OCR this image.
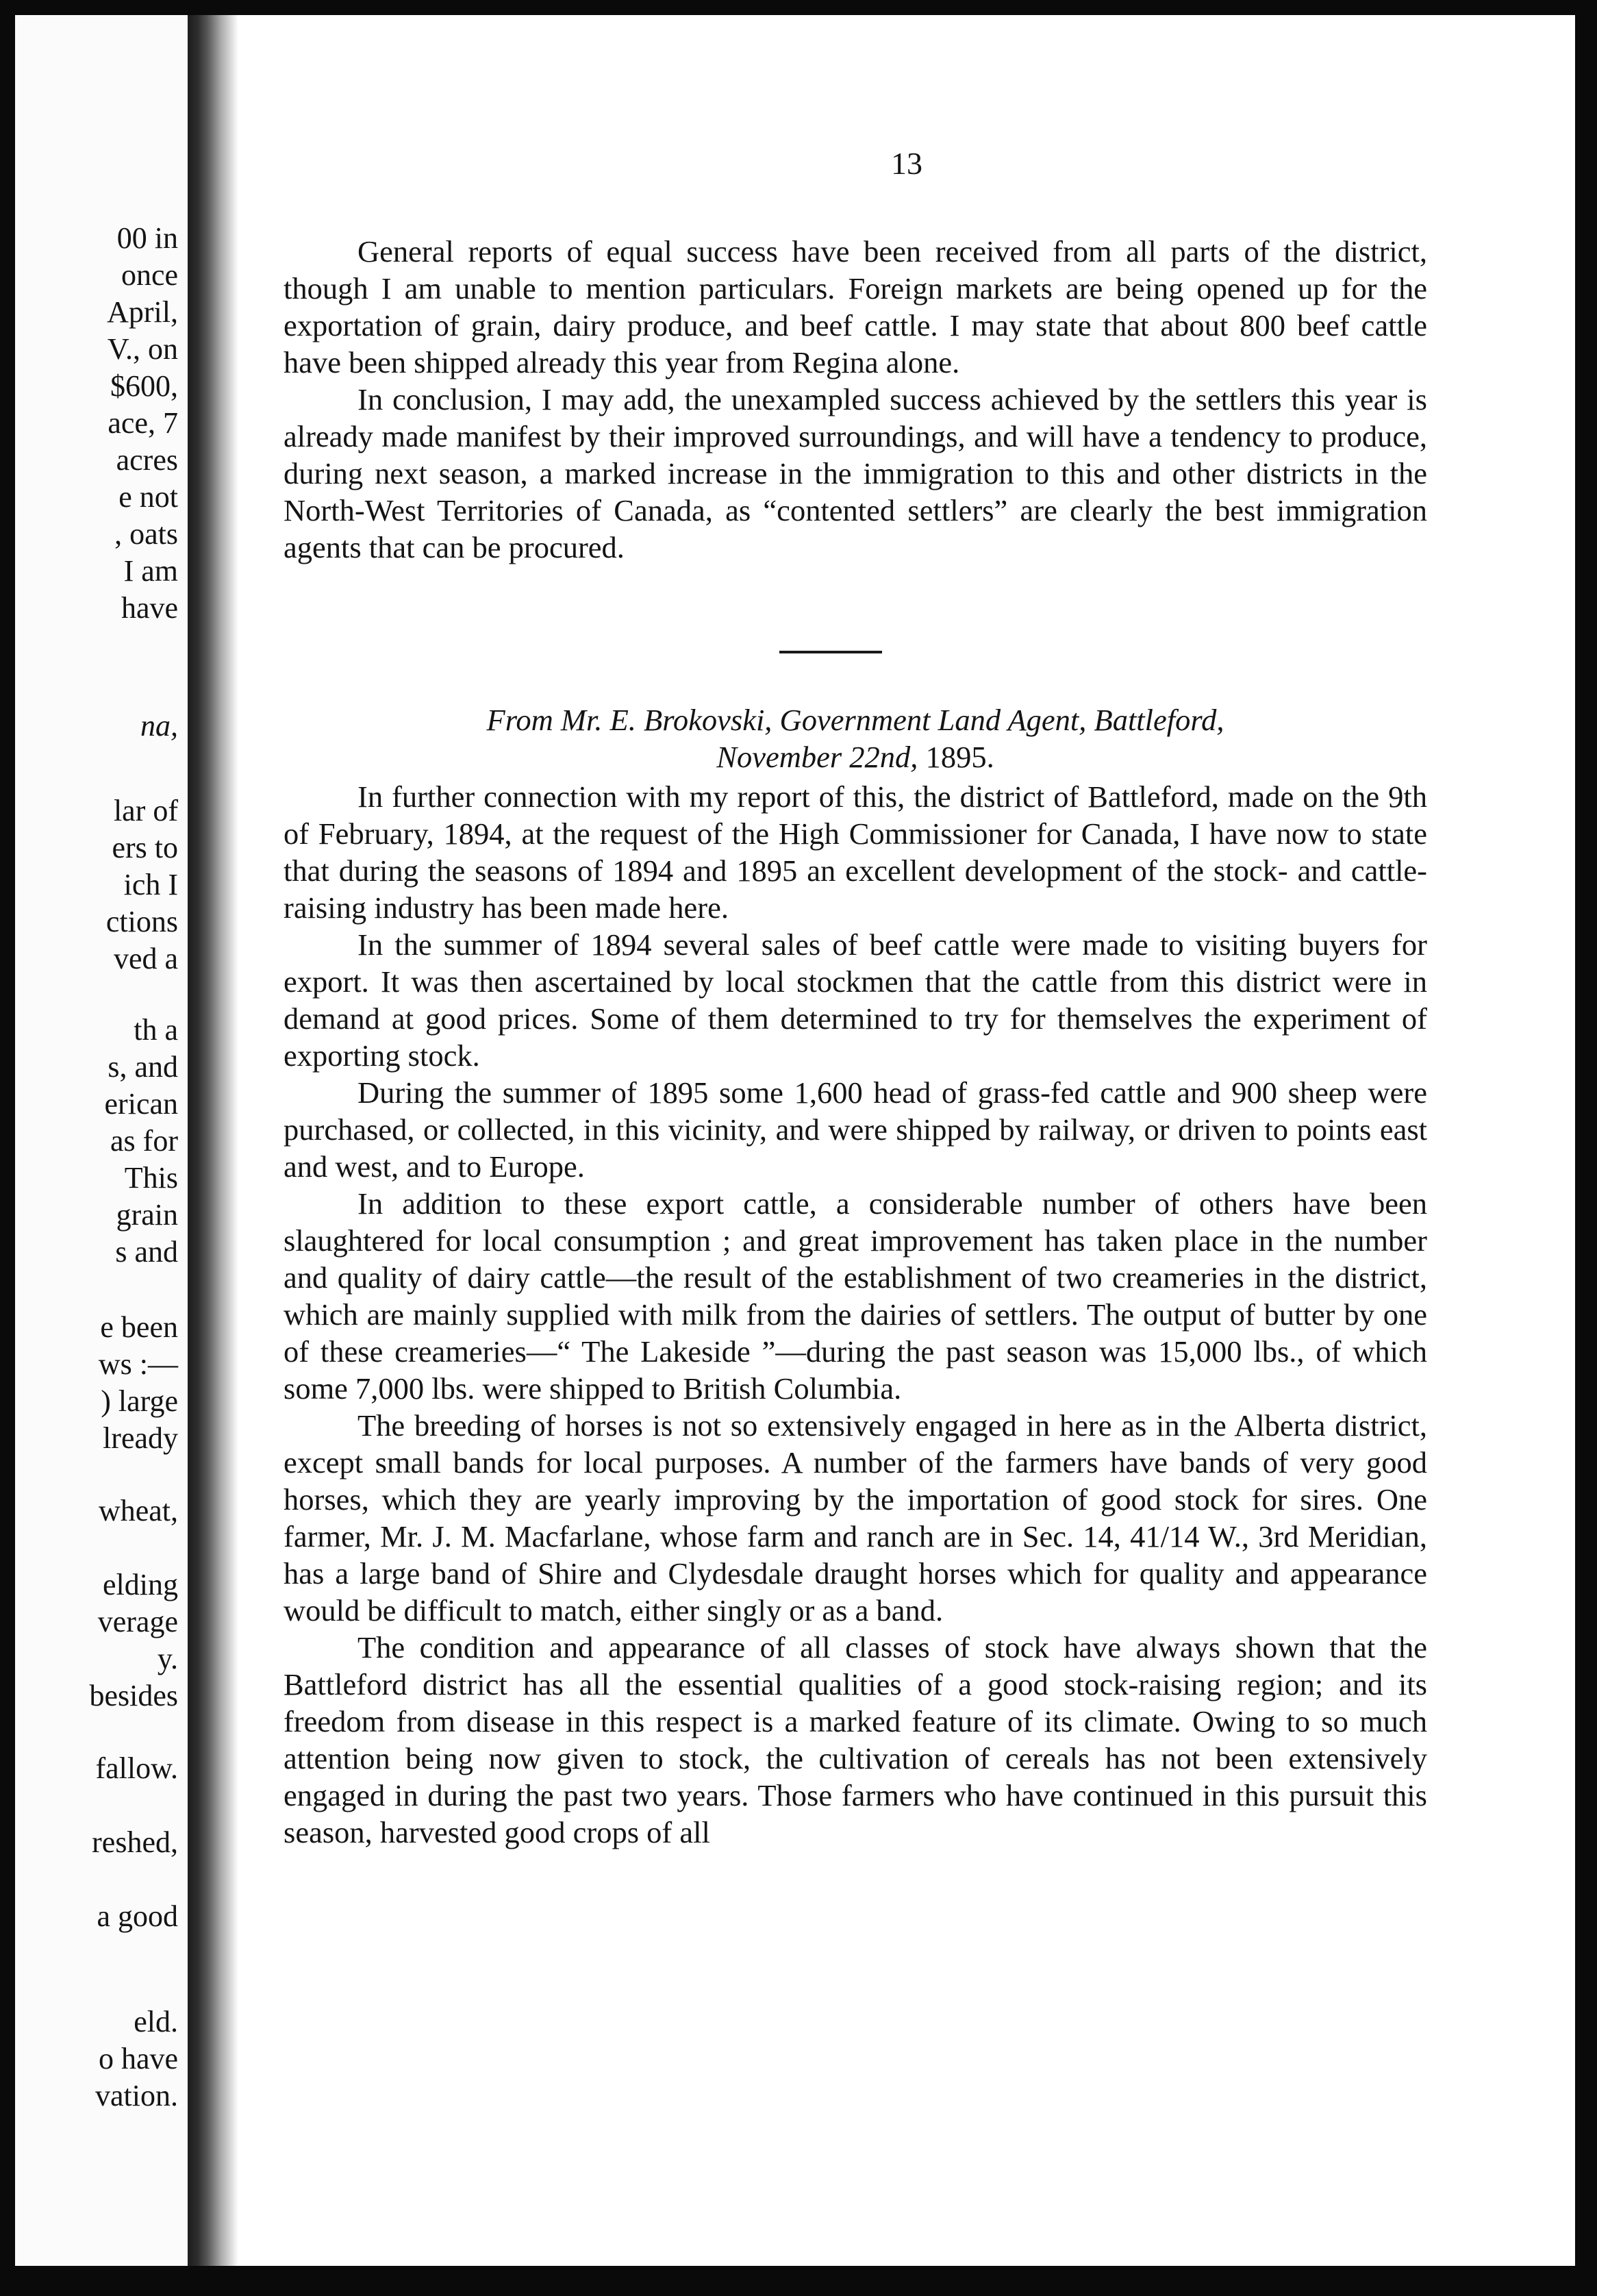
00 in
once
April,
V., on
$600,
ace, 7
acres
e not
, oats
I am
have
na,
lar of
ers to
ich I
ctions
ved a
th a
s, and
erican
as for
This
grain
s and
e been
ws :—
) large
lready
wheat,
elding
verage
y.
besides
fallow.
reshed,
a good
eld.
o have
vation.
13

General reports of equal success have been received from all parts of the district, though I am unable to mention particulars. Foreign markets are being opened up for the exportation of grain, dairy produce, and beef cattle. I may state that about 800 beef cattle have been shipped already this year from Regina alone.

In conclusion, I may add, the unexampled success achieved by the settlers this year is already made manifest by their improved surroundings, and will have a tendency to produce, during next season, a marked increase in the immigration to this and other districts in the North-West Territories of Canada, as “contented settlers” are clearly the best immigration agents that can be procured.

From Mr. E. Brokovski, Government Land Agent, Battleford,
November 22nd, 1895.

In further connection with my report of this, the district of Battleford, made on the 9th of February, 1894, at the request of the High Commissioner for Canada, I have now to state that during the seasons of 1894 and 1895 an excellent development of the stock- and cattle-raising industry has been made here.

In the summer of 1894 several sales of beef cattle were made to visiting buyers for export. It was then ascertained by local stockmen that the cattle from this district were in demand at good prices. Some of them determined to try for themselves the experiment of exporting stock.

During the summer of 1895 some 1,600 head of grass-fed cattle and 900 sheep were purchased, or collected, in this vicinity, and were shipped by railway, or driven to points east and west, and to Europe.

In addition to these export cattle, a considerable number of others have been slaughtered for local consumption ; and great improvement has taken place in the number and quality of dairy cattle—the result of the establishment of two creameries in the district, which are mainly supplied with milk from the dairies of settlers. The output of butter by one of these creameries—“ The Lakeside ”—during the past season was 15,000 lbs., of which some 7,000 lbs. were shipped to British Columbia.

The breeding of horses is not so extensively engaged in here as in the Alberta district, except small bands for local purposes. A number of the farmers have bands of very good horses, which they are yearly improving by the importation of good stock for sires. One farmer, Mr. J. M. Macfarlane, whose farm and ranch are in Sec. 14, 41/14 W., 3rd Meridian, has a large band of Shire and Clydesdale draught horses which for quality and appearance would be difficult to match, either singly or as a band.

The condition and appearance of all classes of stock have always shown that the Battleford district has all the essential qualities of a good stock-raising region; and its freedom from disease in this respect is a marked feature of its climate. Owing to so much attention being now given to stock, the cultivation of cereals has not been extensively engaged in during the past two years. Those farmers who have continued in this pursuit this season, harvested good crops of all
